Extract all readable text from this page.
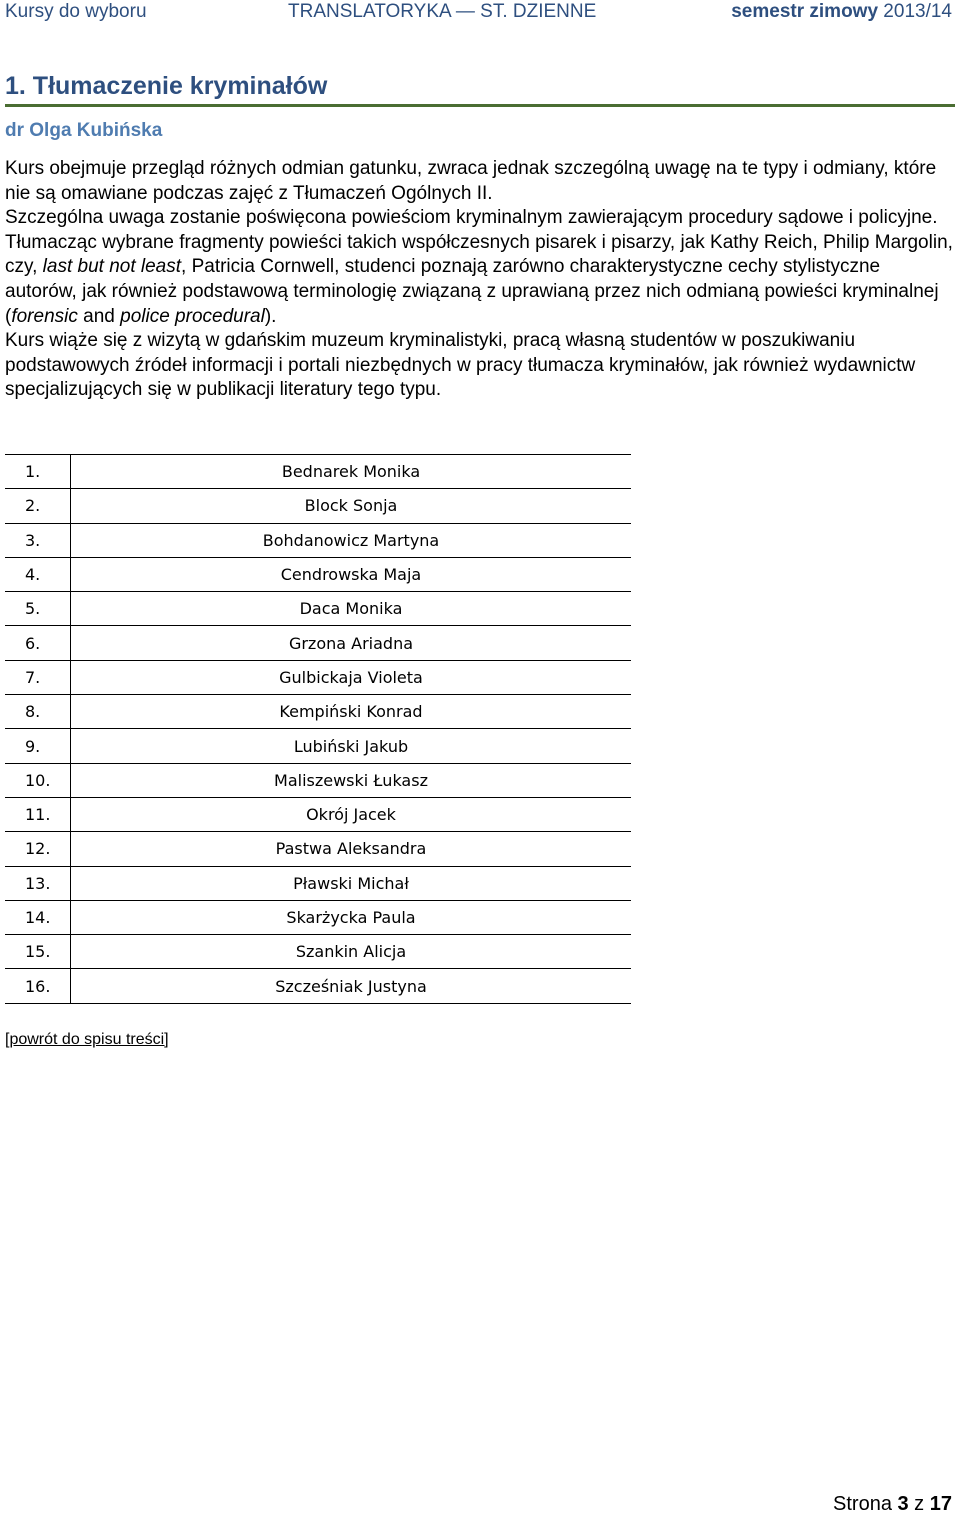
Kursy do wyboru	TRANSLATORYKA — ST. DZIENNE	semestr zimowy 2013/14
1. Tłumaczenie kryminałów
dr Olga Kubińska

Kurs obejmuje przegląd różnych odmian gatunku, zwraca jednak szczególną uwagę na te typy i odmiany, które nie są omawiane podczas zajęć z Tłumaczeń Ogólnych II.

Szczególna uwaga zostanie poświęcona powieściom kryminalnym zawierającym procedury sądowe i policyjne.

Tłumacząc wybrane fragmenty powieści takich współczesnych pisarek i pisarzy, jak Kathy Reich, Philip Margolin, czy, last but not least, Patricia Cornwell, studenci poznają zarówno charakterystyczne cechy stylistyczne autorów, jak również podstawową terminologię związaną z uprawianą przez nich odmianą powieści kryminalnej (forensic and police procedural).

Kurs wiąże się z wizytą w gdańskim muzeum kryminalistyki, pracą własną studentów w poszukiwaniu podstawowych źródeł informacji i portali niezbędnych w pracy tłumacza kryminałów, jak również wydawnictw specjalizujących się w publikacji literatury tego typu.

1.	Bednarek Monika
2.	Block Sonja
3.	Bohdanowicz Martyna
4.	Cendrowska Maja
5.	Daca Monika
6.	Grzona Ariadna
7.	Gulbickaja Violeta
8.	Kempiński Konrad
9.	Lubiński Jakub
10.	Maliszewski Łukasz
11.	Okrój Jacek
12.	Pastwa Aleksandra
13.	Pławski Michał
14.	Skarżycka Paula
15.	Szankin Alicja
16.	Szcześniak Justyna
[powrót do spisu treści]
Strona 3 z 17
